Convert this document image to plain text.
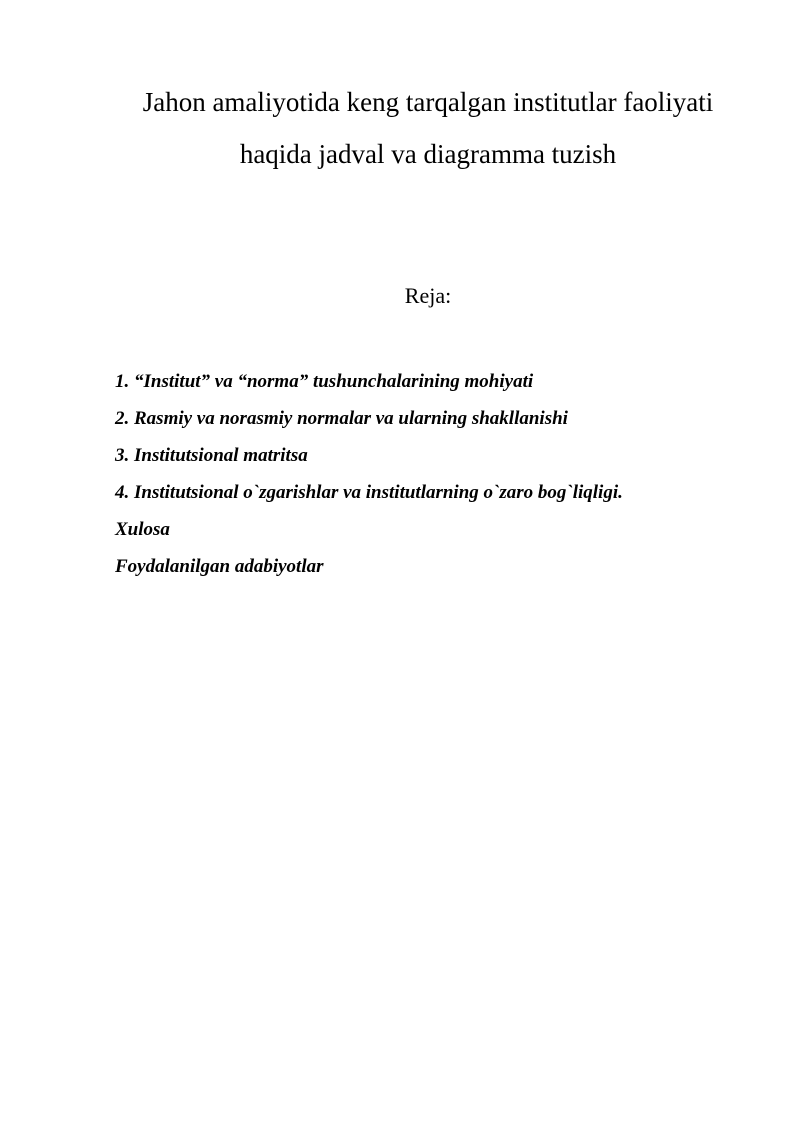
Jahon amaliyotida keng tarqalgan institutlar faoliyati
haqida jadval va diagramma tuzish
Reja:
1. “Institut” va “norma” tushunchalarining mohiyati
2. Rasmiy va norasmiy normalar va ularning shakllanishi
3. Institutsional matritsa
4. Institutsional o`zgarishlar va institutlarning o`zaro bog`liqligi.
Xulosa
Foydalanilgan adabiyotlar
